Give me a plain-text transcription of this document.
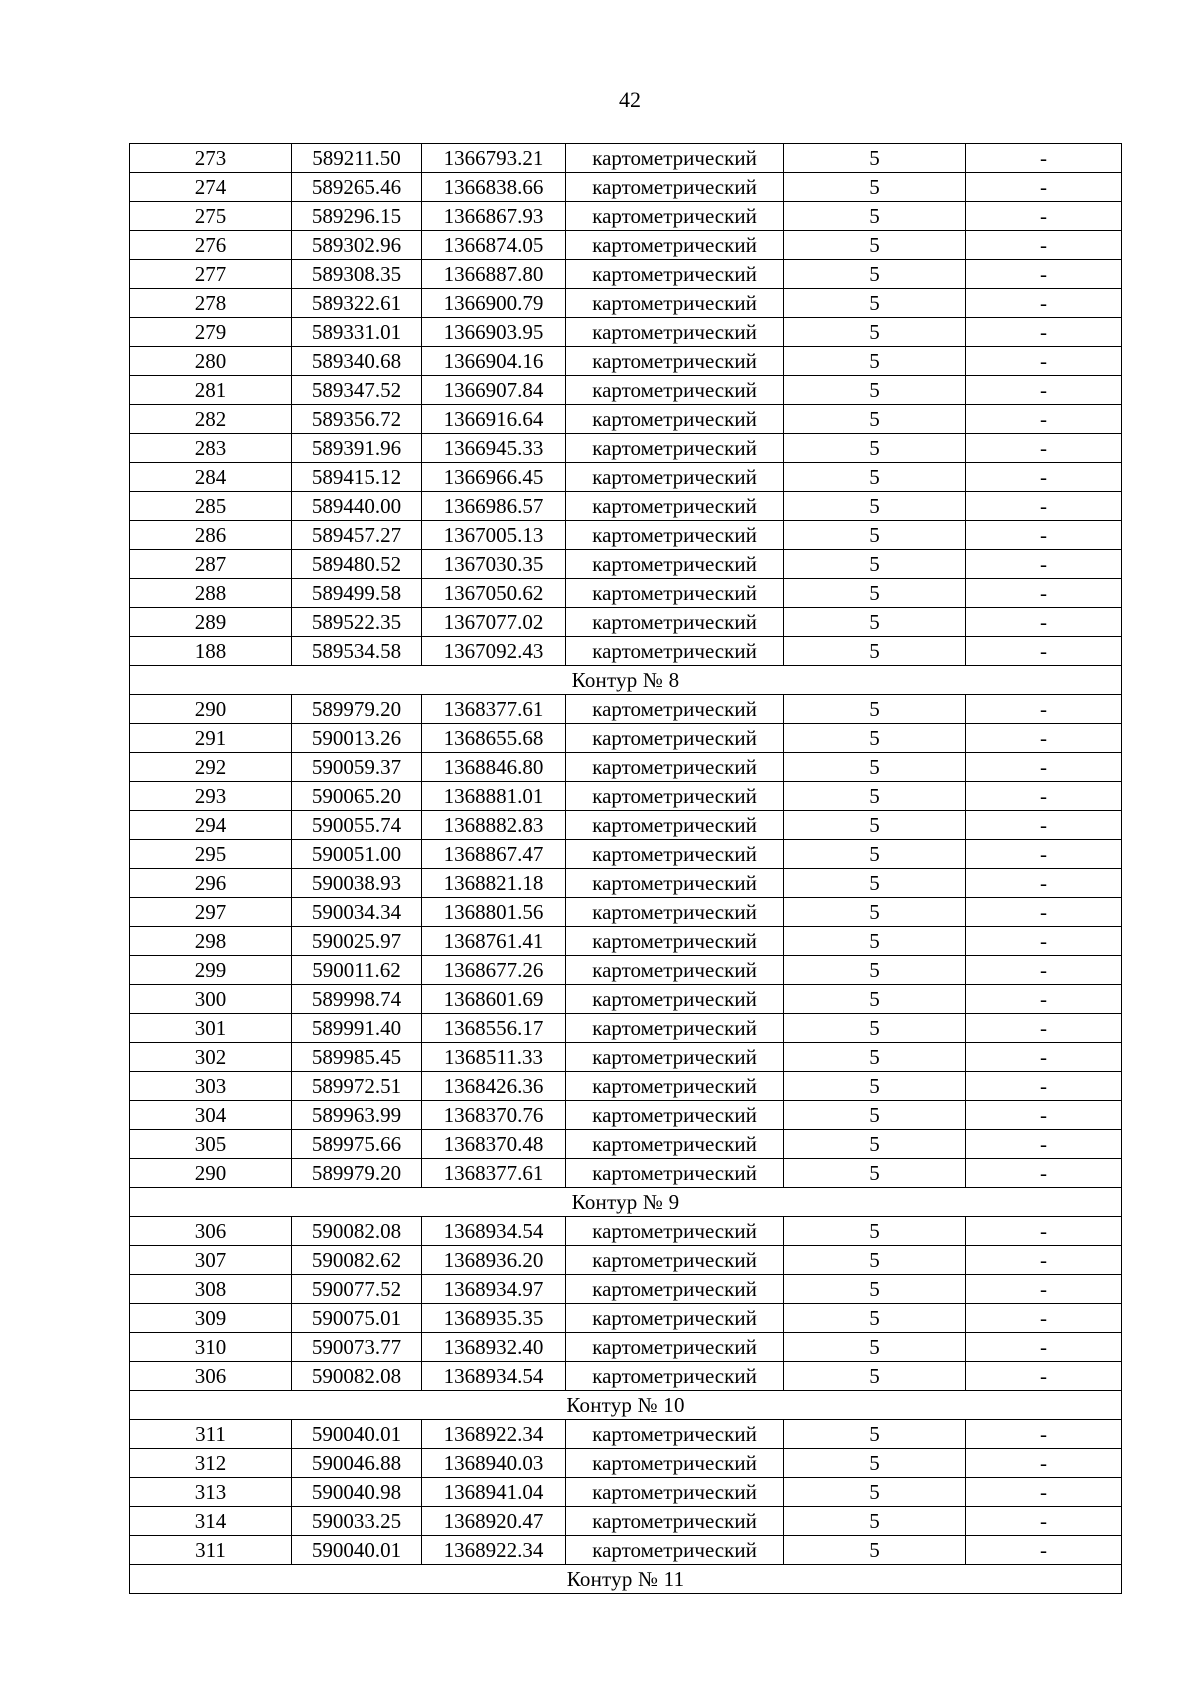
42
273	589211.50	1366793.21	картометрический	5	-
274	589265.46	1366838.66	картометрический	5	-
275	589296.15	1366867.93	картометрический	5	-
276	589302.96	1366874.05	картометрический	5	-
277	589308.35	1366887.80	картометрический	5	-
278	589322.61	1366900.79	картометрический	5	-
279	589331.01	1366903.95	картометрический	5	-
280	589340.68	1366904.16	картометрический	5	-
281	589347.52	1366907.84	картометрический	5	-
282	589356.72	1366916.64	картометрический	5	-
283	589391.96	1366945.33	картометрический	5	-
284	589415.12	1366966.45	картометрический	5	-
285	589440.00	1366986.57	картометрический	5	-
286	589457.27	1367005.13	картометрический	5	-
287	589480.52	1367030.35	картометрический	5	-
288	589499.58	1367050.62	картометрический	5	-
289	589522.35	1367077.02	картометрический	5	-
188	589534.58	1367092.43	картометрический	5	-
Контур № 8					
290	589979.20	1368377.61	картометрический	5	-
291	590013.26	1368655.68	картометрический	5	-
292	590059.37	1368846.80	картометрический	5	-
293	590065.20	1368881.01	картометрический	5	-
294	590055.74	1368882.83	картометрический	5	-
295	590051.00	1368867.47	картометрический	5	-
296	590038.93	1368821.18	картометрический	5	-
297	590034.34	1368801.56	картометрический	5	-
298	590025.97	1368761.41	картометрический	5	-
299	590011.62	1368677.26	картометрический	5	-
300	589998.74	1368601.69	картометрический	5	-
301	589991.40	1368556.17	картометрический	5	-
302	589985.45	1368511.33	картометрический	5	-
303	589972.51	1368426.36	картометрический	5	-
304	589963.99	1368370.76	картометрический	5	-
305	589975.66	1368370.48	картометрический	5	-
290	589979.20	1368377.61	картометрический	5	-
Контур № 9					
306	590082.08	1368934.54	картометрический	5	-
307	590082.62	1368936.20	картометрический	5	-
308	590077.52	1368934.97	картометрический	5	-
309	590075.01	1368935.35	картометрический	5	-
310	590073.77	1368932.40	картометрический	5	-
306	590082.08	1368934.54	картометрический	5	-
Контур № 10					
311	590040.01	1368922.34	картометрический	5	-
312	590046.88	1368940.03	картометрический	5	-
313	590040.98	1368941.04	картометрический	5	-
314	590033.25	1368920.47	картометрический	5	-
311	590040.01	1368922.34	картометрический	5	-
Контур № 11					
